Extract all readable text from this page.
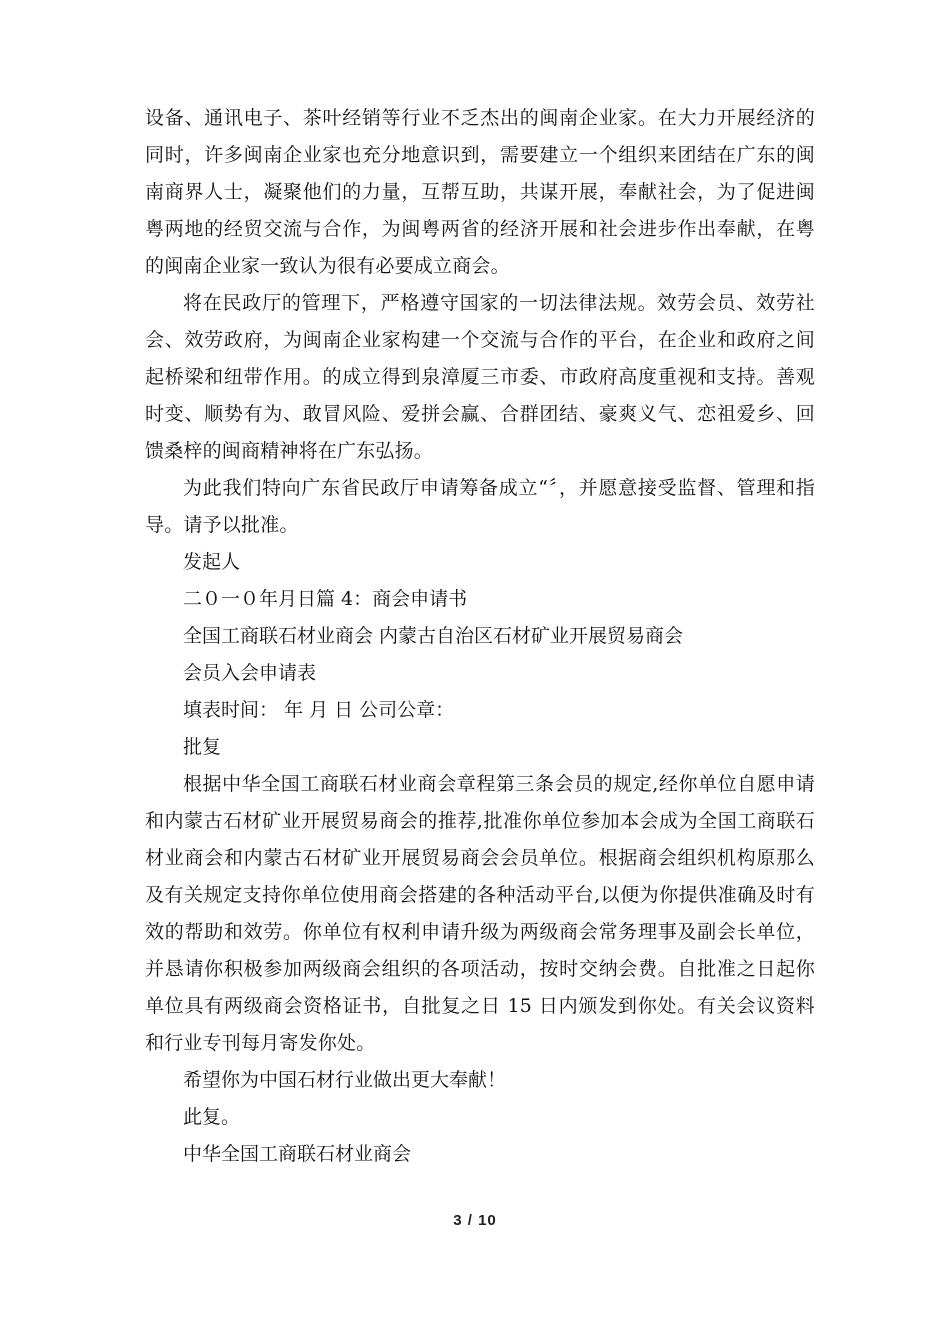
设备、通讯电子、茶叶经销等行业不乏杰出的闽南企业家。在大力开展经济的同时，许多闽南企业家也充分地意识到，需要建立一个组织来团结在广东的闽南商界人士，凝聚他们的力量，互帮互助，共谋开展，奉献社会，为了促进闽粤两地的经贸交流与合作，为闽粤两省的经济开展和社会进步作出奉献，在粤的闽南企业家一致认为很有必要成立商会。

将在民政厅的管理下，严格遵守国家的一切法律法规。效劳会员、效劳社会、效劳政府，为闽南企业家构建一个交流与合作的平台，在企业和政府之间起桥梁和纽带作用。的成立得到泉漳厦三市委、市政府高度重视和支持。善观时变、顺势有为、敢冒风险、爱拼会赢、合群团结、豪爽义气、恋祖爱乡、回馈桑梓的闽商精神将在广东弘扬。

为此我们特向广东省民政厅申请筹备成立“〞，并愿意接受监督、管理和指导。请予以批准。

发起人

二０一０年月日篇 4：商会申请书

全国工商联石材业商会 内蒙古自治区石材矿业开展贸易商会

会员入会申请表

填表时间： 年 月 日 公司公章：

批复

根据中华全国工商联石材业商会章程第三条会员的规定,经你单位自愿申请和内蒙古石材矿业开展贸易商会的推荐,批准你单位参加本会成为全国工商联石材业商会和内蒙古石材矿业开展贸易商会会员单位。根据商会组织机构原那么及有关规定支持你单位使用商会搭建的各种活动平台,以便为你提供准确及时有效的帮助和效劳。你单位有权利申请升级为两级商会常务理事及副会长单位，并恳请你积极参加两级商会组织的各项活动，按时交纳会费。自批准之日起你单位具有两级商会资格证书，自批复之日 15 日内颁发到你处。有关会议资料和行业专刊每月寄发你处。

希望你为中国石材行业做出更大奉献！

此复。

中华全国工商联石材业商会

3 / 10
